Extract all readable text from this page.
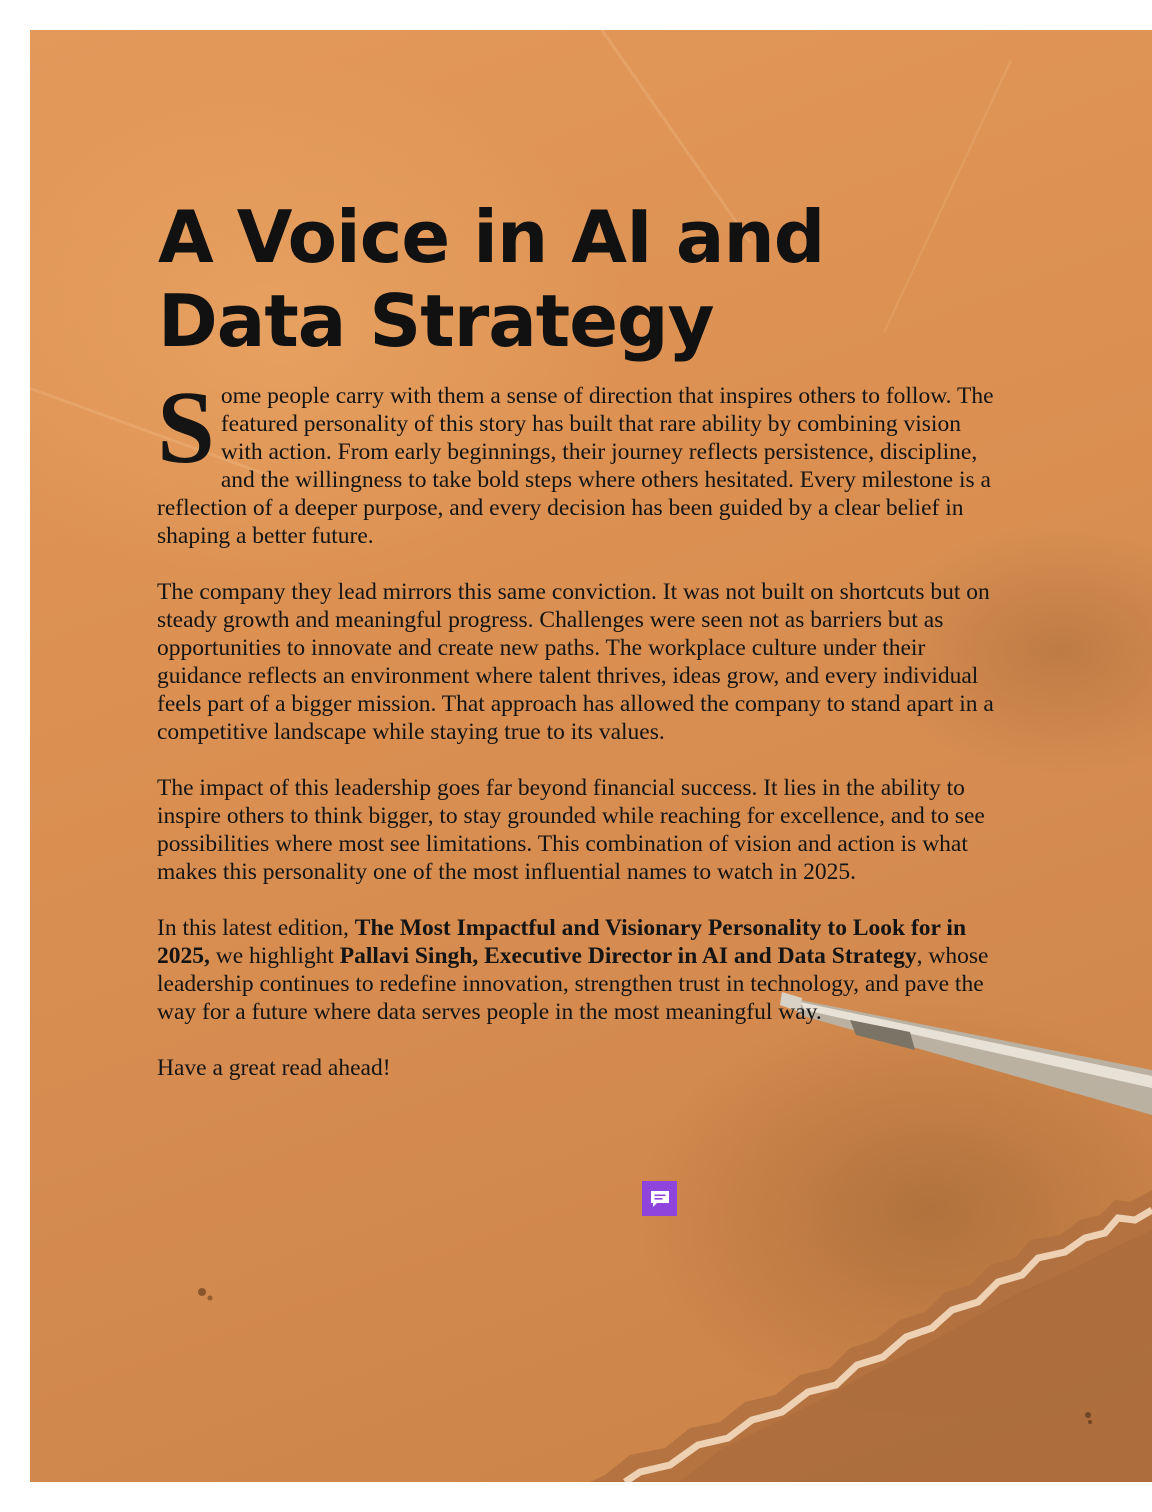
A Voice in AI and Data Strategy

Some people carry with them a sense of direction that inspires others to follow. The featured personality of this story has built that rare ability by combining vision with action. From early beginnings, their journey reflects persistence, discipline, and the willingness to take bold steps where others hesitated. Every milestone is a reflection of a deeper purpose, and every decision has been guided by a clear belief in shaping a better future.

The company they lead mirrors this same conviction. It was not built on shortcuts but on steady growth and meaningful progress. Challenges were seen not as barriers but as opportunities to innovate and create new paths. The workplace culture under their guidance reflects an environment where talent thrives, ideas grow, and every individual feels part of a bigger mission. That approach has allowed the company to stand apart in a competitive landscape while staying true to its values.

The impact of this leadership goes far beyond financial success. It lies in the ability to inspire others to think bigger, to stay grounded while reaching for excellence, and to see possibilities where most see limitations. This combination of vision and action is what makes this personality one of the most influential names to watch in 2025.

In this latest edition, The Most Impactful and Visionary Personality to Look for in 2025, we highlight Pallavi Singh, Executive Director in AI and Data Strategy, whose leadership continues to redefine innovation, strengthen trust in technology, and pave the way for a future where data serves people in the most meaningful way.

Have a great read ahead!
